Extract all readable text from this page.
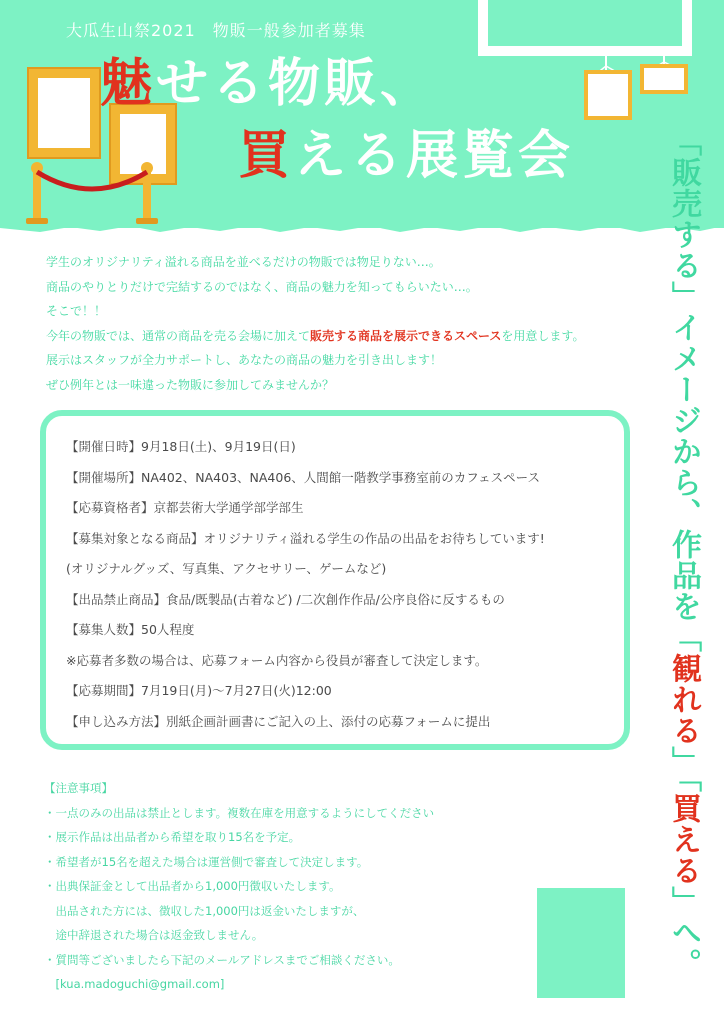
大瓜生山祭2021　物販一般参加者募集
魅せる物販、
買える展覧会

学生のオリジナリティ溢れる商品を並べるだけの物販では物足りない…。

商品のやりとりだけで完結するのではなく、商品の魅力を知ってもらいたい…。

そこで！！

今年の物販では、通常の商品を売る会場に加えて販売する商品を展示できるスペースを用意します。

展示はスタッフが全力サポートし、あなたの商品の魅力を引き出します！

ぜひ例年とは一味違った物販に参加してみませんか？

【開催日時】9月18日(土)、9月19日(日)
【開催場所】NA402、NA403、NA406、人間館一階教学事務室前のカフェスペース
【応募資格者】京都芸術大学通学部学部生
【募集対象となる商品】オリジナリティ溢れる学生の作品の出品をお待ちしています!
(オリジナルグッズ、写真集、アクセサリー、ゲームなど)
【出品禁止商品】食品/既製品(古着など) /二次創作作品/公序良俗に反するもの
【募集人数】50人程度
※応募者多数の場合は、応募フォーム内容から役員が審査して決定します。
【応募期間】7月19日(月)～7月27日(火)12:00
【申し込み方法】別紙企画計画書にご記入の上、添付の応募フォームに提出
【注意事項】
・一点のみの出品は禁止とします。複数在庫を用意するようにしてください
・展示作品は出品者から希望を取り15名を予定。
・希望者が15名を超えた場合は運営側で審査して決定します。
・出典保証金として出品者から1,000円徴収いたします。
　出品された方には、徴収した1,000円は返金いたしますが、
　途中辞退された場合は返金致しません。
・質問等ございましたら下記のメールアドレスまでご相談ください。
　[kua.madoguchi@gmail.com]
「販売する」イメージから、作品を「観れる」「買える」へ。
